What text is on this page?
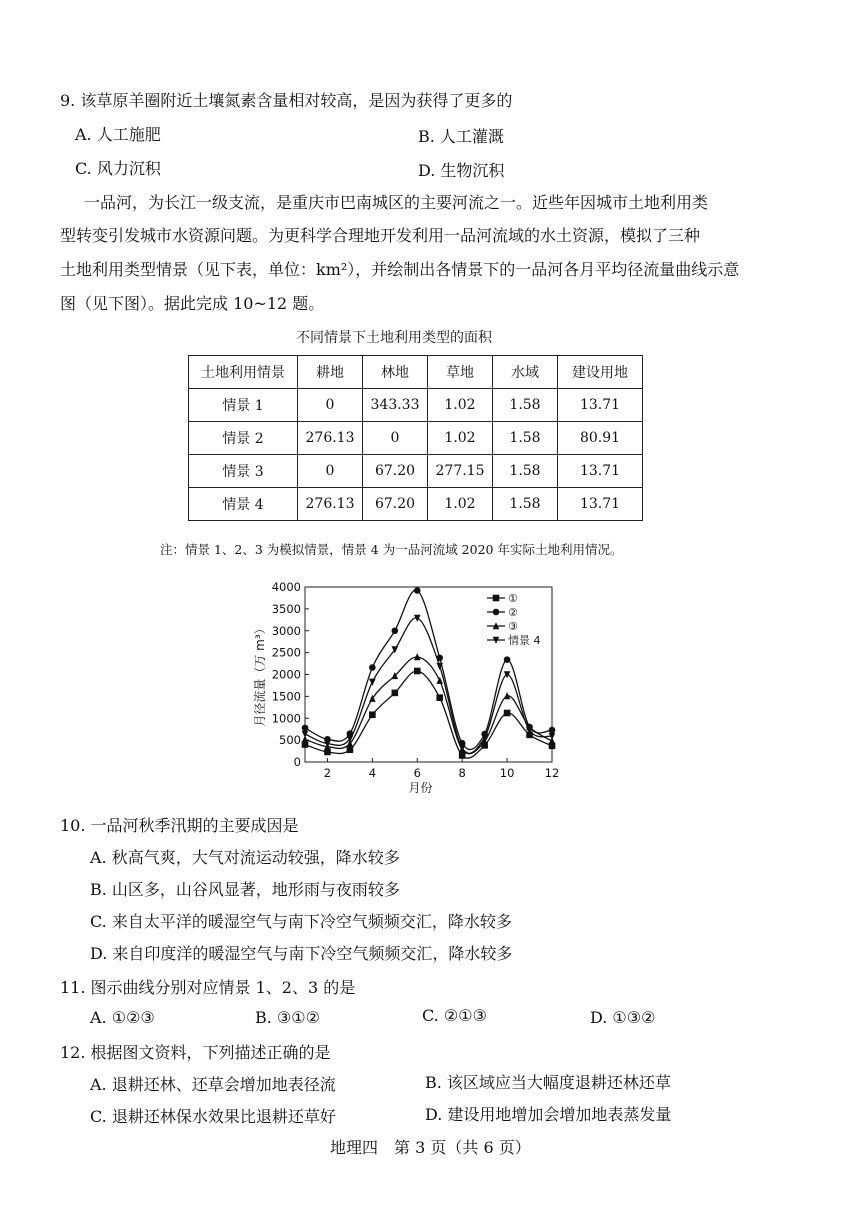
9. 该草原羊圈附近土壤氮素含量相对较高，是因为获得了更多的
A. 人工施肥	B. 人工灌溉
C. 风力沉积	D. 生物沉积
一品河，为长江一级支流，是重庆市巴南城区的主要河流之一。近些年因城市土地利用类
型转变引发城市水资源问题。为更科学合理地开发利用一品河流域的水土资源，模拟了三种
土地利用类型情景（见下表，单位：km²），并绘制出各情景下的一品河各月平均径流量曲线示意
图（见下图）。据此完成 10~12 题。
不同情景下土地利用类型的面积
土地利用情景	耕地	林地	草地	水域	建设用地
情景 1	0	343.33	1.02	1.58	13.71
情景 2	276.13	0	1.02	1.58	80.91
情景 3	0	67.20	277.15	1.58	13.71
情景 4	276.13	67.20	1.02	1.58	13.71
注：情景 1、2、3 为模拟情景，情景 4 为一品河流域 2020 年实际土地利用情况。
0
500
1000
1500
2000
2500
3000
3500
4000
2	4	6	8	10	12
月份
月径流量（万 m³）
①
②
③
情景 4
10. 一品河秋季汛期的主要成因是
A. 秋高气爽，大气对流运动较强，降水较多
B. 山区多，山谷风显著，地形雨与夜雨较多
C. 来自太平洋的暖湿空气与南下冷空气频频交汇，降水较多
D. 来自印度洋的暖湿空气与南下冷空气频频交汇，降水较多
11. 图示曲线分别对应情景 1、2、3 的是
A. ①②③	B. ③①②	C. ②①③	D. ①③②
12. 根据图文资料，下列描述正确的是
A. 退耕还林、还草会增加地表径流	B. 该区域应当大幅度退耕还林还草
C. 退耕还林保水效果比退耕还草好	D. 建设用地增加会增加地表蒸发量
地理四　第 3 页（共 6 页）
